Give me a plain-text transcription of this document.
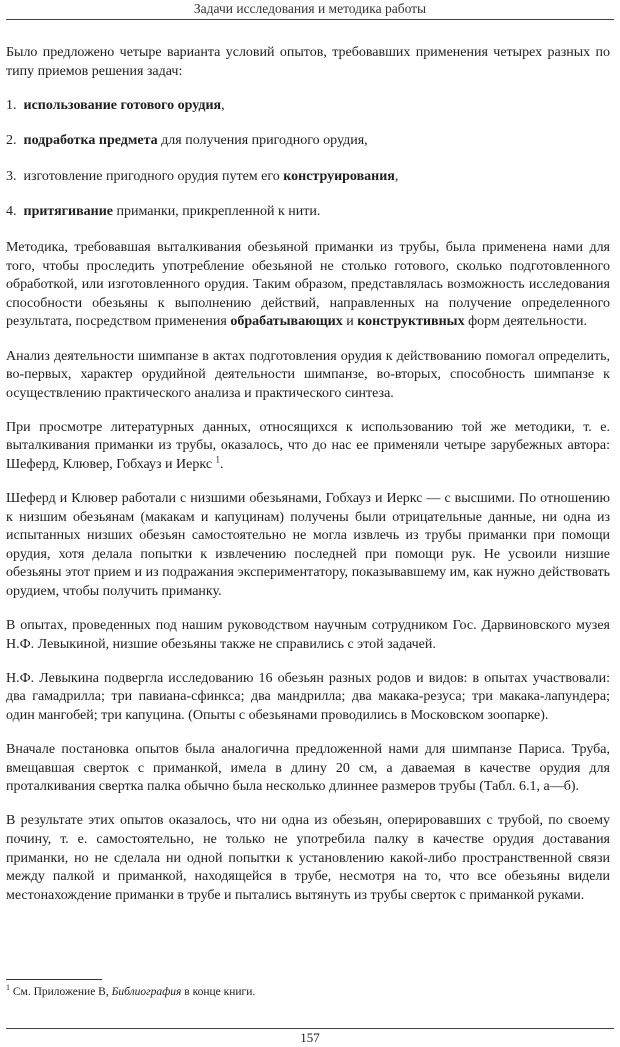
Задачи исследования и методика работы

Было предложено четыре варианта условий опытов, требовавших применения четырех разных по типу приемов решения задач:

1. использование готового орудия,

2. подработка предмета для получения пригодного орудия,

3. изготовление пригодного орудия путем его конструирования,

4. притягивание приманки, прикрепленной к нити.

Методика, требовавшая выталкивания обезьяной приманки из трубы, была применена нами для того, чтобы проследить употребление обезьяной не столько готового, сколько подготовленного обработкой, или изготовленного орудия. Таким образом, представлялась возможность исследования способности обезьяны к выполнению действий, направленных на получение определенного результата, посредством применения обрабатывающих и конструктивных форм деятельности.

Анализ деятельности шимпанзе в актах подготовления орудия к действованию помогал определить, во-первых, характер орудийной деятельности шимпанзе, во-вторых, способность шимпанзе к осуществлению практического анализа и практического синтеза.

При просмотре литературных данных, относящихся к использованию той же методики, т. е. выталкивания приманки из трубы, оказалось, что до нас ее применяли четыре зарубежных автора: Шеферд, Клювер, Гобхауз и Иеркс $^1$.

Шеферд и Клювер работали с низшими обезьянами, Гобхауз и Иеркс — с высшими. По отношению к низшим обезьянам (макакам и капуцинам) получены были отрицательные данные, ни одна из испытанных низших обезьян самостоятельно не могла извлечь из трубы приманки при помощи орудия, хотя делала попытки к извлечению последней при помощи рук. Не усвоили низшие обезьяны этот прием и из подражания экспериментатору, показывавшему им, как нужно действовать орудием, чтобы получить приманку.

В опытах, проведенных под нашим руководством научным сотрудником Гос. Дарвиновского музея Н.Ф. Левыкиной, низшие обезьяны также не справились с этой задачей.

Н.Ф. Левыкина подвергла исследованию 16 обезьян разных родов и видов: в опытах участвовали: два гамадрилла; три павиана-сфинкса; два мандрилла; два макака-резуса; три макака-лапундера; один мангобей; три капуцина. (Опыты с обезьянами проводились в Московском зоопарке).

Вначале постановка опытов была аналогична предложенной нами для шимпанзе Париса. Труба, вмещавшая сверток с приманкой, имела в длину 20 см, а даваемая в качестве орудия для проталкивания свертка палка обычно была несколько длиннее размеров трубы (Табл. 6.1, а—б).

В результате этих опытов оказалось, что ни одна из обезьян, оперировавших с трубой, по своему почину, т. е. самостоятельно, не только не употребила палку в качестве орудия доставания приманки, но не сделала ни одной попытки к установлению какой-либо пространственной связи между палкой и приманкой, находящейся в трубе, несмотря на то, что все обезьяны видели местонахождение приманки в трубе и пытались вытянуть из трубы сверток с приманкой руками.

$^1$ См. Приложение В, Библиография в конце книги.
157
